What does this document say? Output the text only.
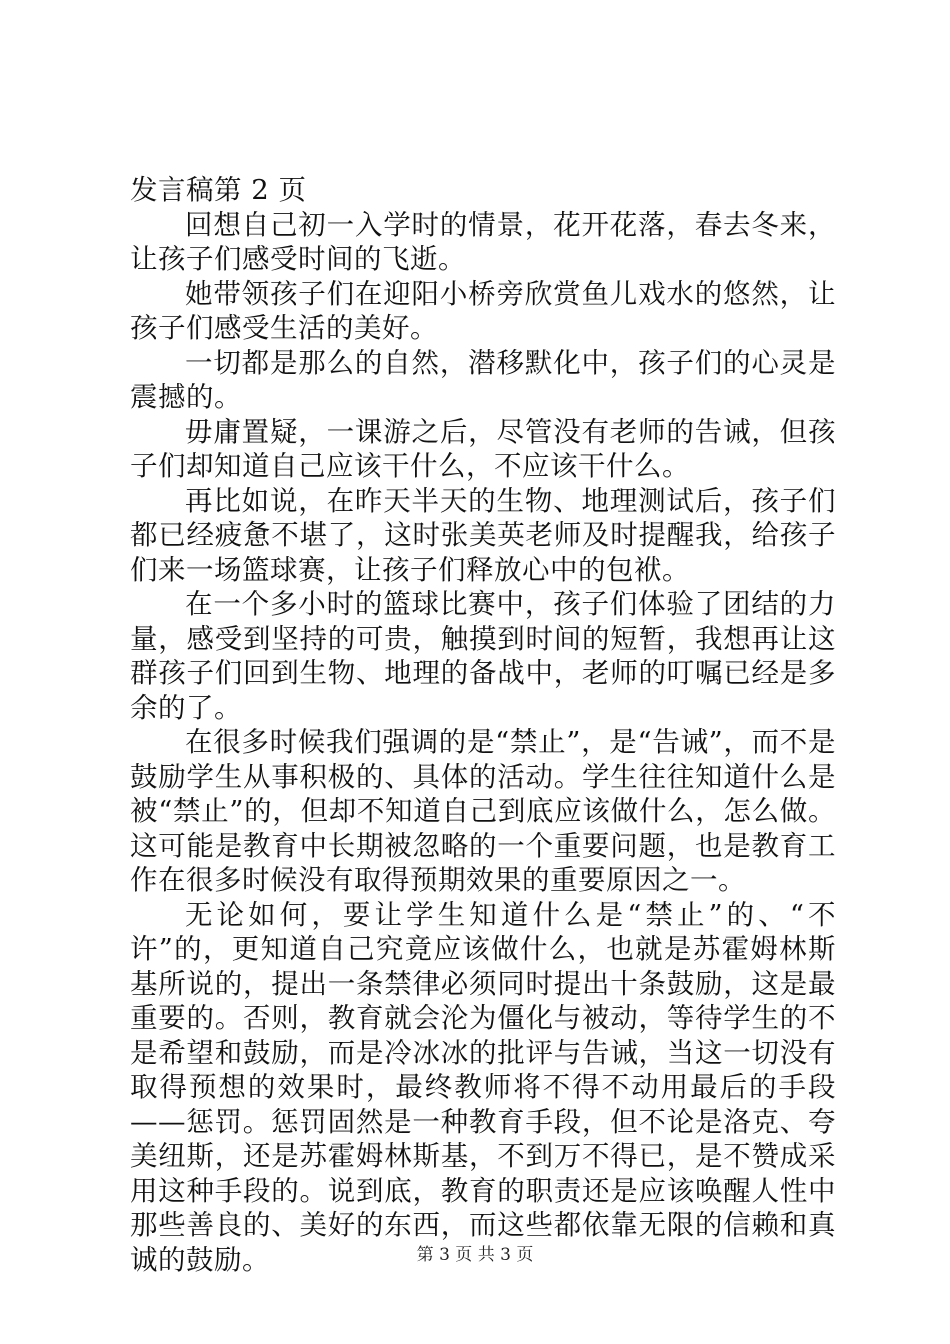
发言稿第 2 页

回想自己初一入学时的情景，花开花落，春去冬来，让孩子们感受时间的飞逝。

她带领孩子们在迎阳小桥旁欣赏鱼儿戏水的悠然，让孩子们感受生活的美好。

一切都是那么的自然，潜移默化中，孩子们的心灵是震撼的。

毋庸置疑，一课游之后，尽管没有老师的告诫，但孩子们却知道自己应该干什么，不应该干什么。

再比如说，在昨天半天的生物、地理测试后，孩子们都已经疲惫不堪了，这时张美英老师及时提醒我，给孩子们来一场篮球赛，让孩子们释放心中的包袱。

在一个多小时的篮球比赛中，孩子们体验了团结的力量，感受到坚持的可贵，触摸到时间的短暂，我想再让这群孩子们回到生物、地理的备战中，老师的叮嘱已经是多余的了。

在很多时候我们强调的是“禁止”，是“告诫”，而不是鼓励学生从事积极的、具体的活动。学生往往知道什么是被“禁止”的，但却不知道自己到底应该做什么，怎么做。这可能是教育中长期被忽略的一个重要问题，也是教育工作在很多时候没有取得预期效果的重要原因之一。

无论如何，要让学生知道什么是“禁止”的、“不许”的，更知道自己究竟应该做什么，也就是苏霍姆林斯基所说的，提出一条禁律必须同时提出十条鼓励，这是最重要的。否则，教育就会沦为僵化与被动，等待学生的不是希望和鼓励，而是冷冰冰的批评与告诫，当这一切没有取得预想的效果时，最终教师将不得不动用最后的手段——惩罚。惩罚固然是一种教育手段，但不论是洛克、夸美纽斯，还是苏霍姆林斯基，不到万不得已，是不赞成采用这种手段的。说到底，教育的职责还是应该唤醒人性中那些善良的、美好的东西，而这些都依靠无限的信赖和真诚的鼓励。	第 3 页 共 3 页
